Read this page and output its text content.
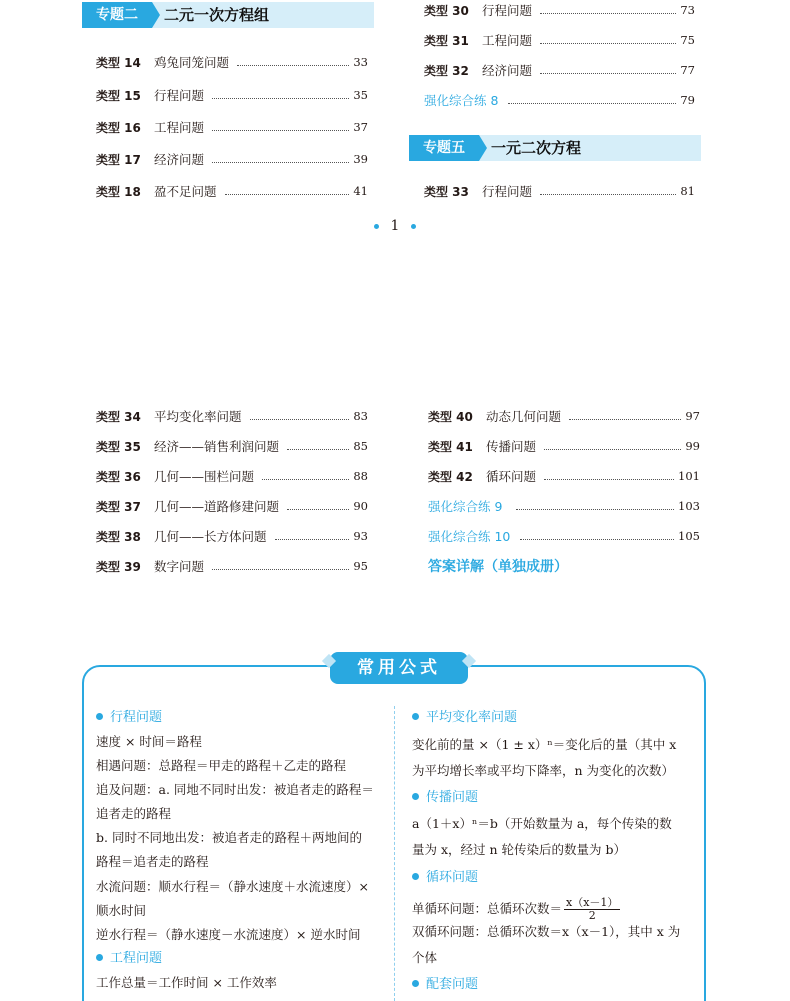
专题二	二元一次方程组
类型 14	鸡兔同笼问题	33
类型 15	行程问题	35
类型 16	工程问题	37
类型 17	经济问题	39
类型 18	盈不足问题	41
类型 30	行程问题	73
类型 31	工程问题	75
类型 32	经济问题	77
强化综合练 8	79
专题五	一元二次方程
类型 33	行程问题	81
1
类型 34	平均变化率问题	83
类型 35	经济——销售利润问题	85
类型 36	几何——围栏问题	88
类型 37	几何——道路修建问题	90
类型 38	几何——长方体问题	93
类型 39	数字问题	95
类型 40	动态几何问题	97
类型 41	传播问题	99
类型 42	循环问题	101
强化综合练 9	103
强化综合练 10	105
答案详解（单独成册）
常用公式
行程问题
速度 × 时间＝路程
相遇问题：总路程＝甲走的路程＋乙走的路程
追及问题：a. 同地不同时出发：被追者走的路程＝
追者走的路程
b. 同时不同地出发：被追者走的路程＋两地间的
路程＝追者走的路程
水流问题：顺水行程＝（静水速度＋水流速度）×
顺水时间
逆水行程＝（静水速度－水流速度）× 逆水时间
工程问题
工作总量＝工作时间 × 工作效率
平均变化率问题
变化前的量 ×（1 ± x）ⁿ＝变化后的量（其中 x
为平均增长率或平均下降率，n 为变化的次数）
传播问题
a（1＋x）ⁿ＝b（开始数量为 a，每个传染的数
量为 x，经过 n 轮传染后的数量为 b）
循环问题
单循环问题：总循环次数＝ $\frac{x(x-1)}{2}$
双循环问题：总循环次数＝x（x－1），其中 x 为
个体
配套问题
